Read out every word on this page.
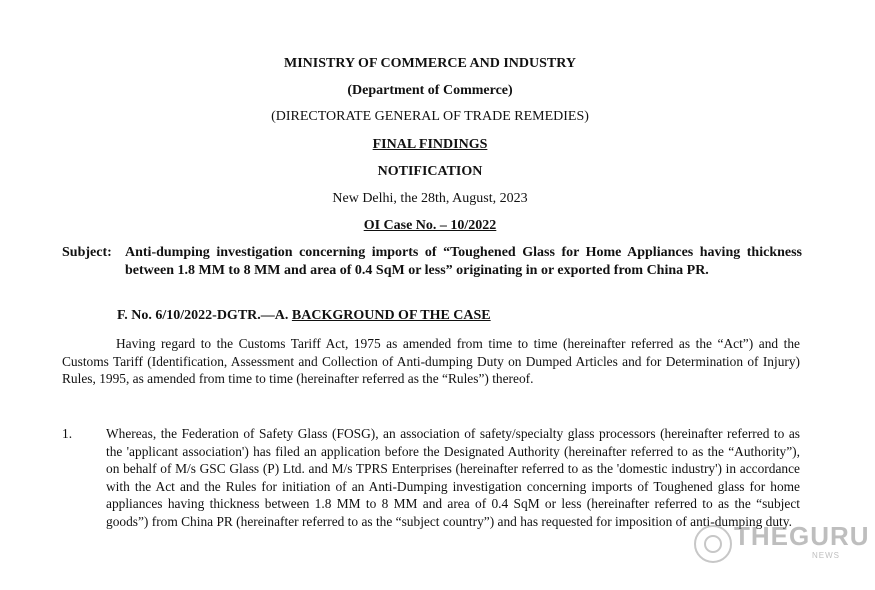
MINISTRY OF COMMERCE AND INDUSTRY
(Department of Commerce)
(DIRECTORATE GENERAL OF TRADE REMEDIES)
FINAL FINDINGS
NOTIFICATION
New Delhi, the 28th, August, 2023
OI Case No. – 10/2022
Subject: Anti-dumping investigation concerning imports of “Toughened Glass for Home Appliances having thickness between 1.8 MM to 8 MM and area of 0.4 SqM or less” originating in or exported from China PR.
F. No. 6/10/2022-DGTR.—A. BACKGROUND OF THE CASE
Having regard to the Customs Tariff Act, 1975 as amended from time to time (hereinafter referred as the “Act”) and the Customs Tariff (Identification, Assessment and Collection of Anti-dumping Duty on Dumped Articles and for Determination of Injury) Rules, 1995, as amended from time to time (hereinafter referred as the “Rules”) thereof.
1.	Whereas, the Federation of Safety Glass (FOSG), an association of safety/specialty glass processors (hereinafter referred to as the 'applicant association') has filed an application before the Designated Authority (hereinafter referred to as the “Authority”), on behalf of M/s GSC Glass (P) Ltd. and M/s TPRS Enterprises (hereinafter referred to as the 'domestic industry') in accordance with the Act and the Rules for initiation of an Anti-Dumping investigation concerning imports of Toughened glass for home appliances having thickness between 1.8 MM to 8 MM and area of 0.4 SqM or less (hereinafter referred to as the “subject goods”) from China PR (hereinafter referred to as the “subject country”) and has requested for imposition of anti-dumping duty.
THEGURU
NEWS
